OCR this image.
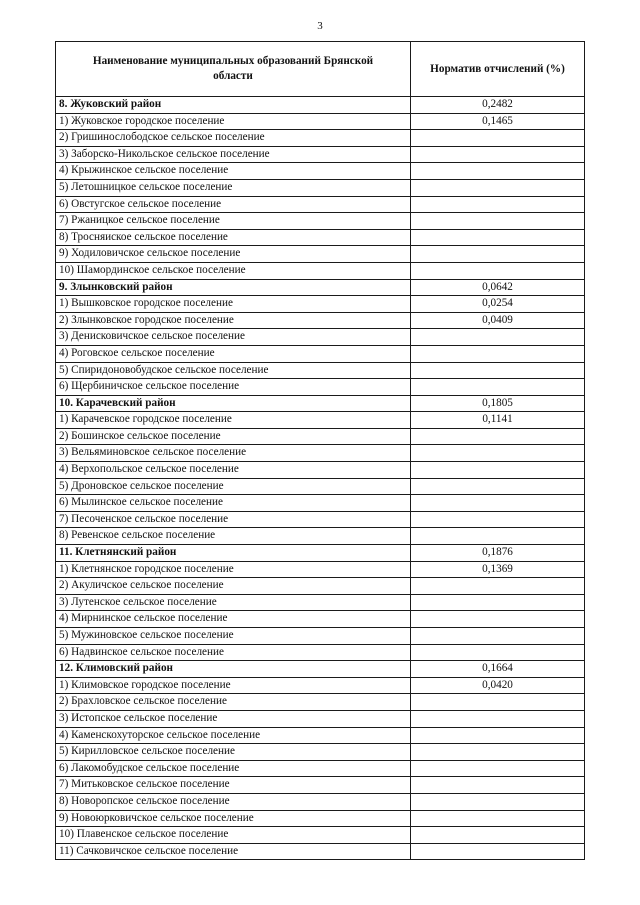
3
Наименование муниципальных образований Брянской области	Норматив отчислений (%)
8. Жуковский район	0,2482
1) Жуковское городское поселение	0,1465
2) Гришинослободское сельское поселение	
3) Заборско-Никольское сельское поселение	
4) Крыжинское сельское поселение	
5) Летошницкое сельское поселение	
6) Овстугское сельское поселение	
7) Ржаницкое сельское поселение	
8) Тросняиское сельское поселение	
9) Ходиловичское сельское поселение	
10) Шамординское сельское поселение	
9. Злынковский район	0,0642
1) Вышковское городское поселение	0,0254
2) Злынковское городское поселение	0,0409
3) Денисковичское сельское поселение	
4) Роговское сельское поселение	
5) Спиридоновобудское сельское поселение	
6) Щербиничское сельское поселение	
10. Карачевский район	0,1805
1) Карачевское городское поселение	0,1141
2) Бошинское сельское поселение	
3) Вельяминовское сельское поселение	
4) Верхопольское сельское поселение	
5) Дроновское сельское поселение	
6) Мылинское сельское поселение	
7) Песоченское сельское поселение	
8) Ревенское сельское поселение	
11. Клетнянский район	0,1876
1) Клетнянское городское поселение	0,1369
2) Акуличское сельское поселение	
3) Лутенское сельское поселение	
4) Мирнинское сельское поселение	
5) Мужиновское сельское поселение	
6) Надвинское сельское поселение	
12. Климовский район	0,1664
1) Климовское городское поселение	0,0420
2) Брахловское сельское поселение	
3) Истопское сельское поселение	
4) Каменскохуторское сельское поселение	
5) Кирилловское сельское поселение	
6) Лакомобудское сельское поселение	
7) Митьковское сельское поселение	
8) Новоропское сельское поселение	
9) Новоюрковичское сельское поселение	
10) Плавенское сельское поселение	
11) Сачковичское сельское поселение	
